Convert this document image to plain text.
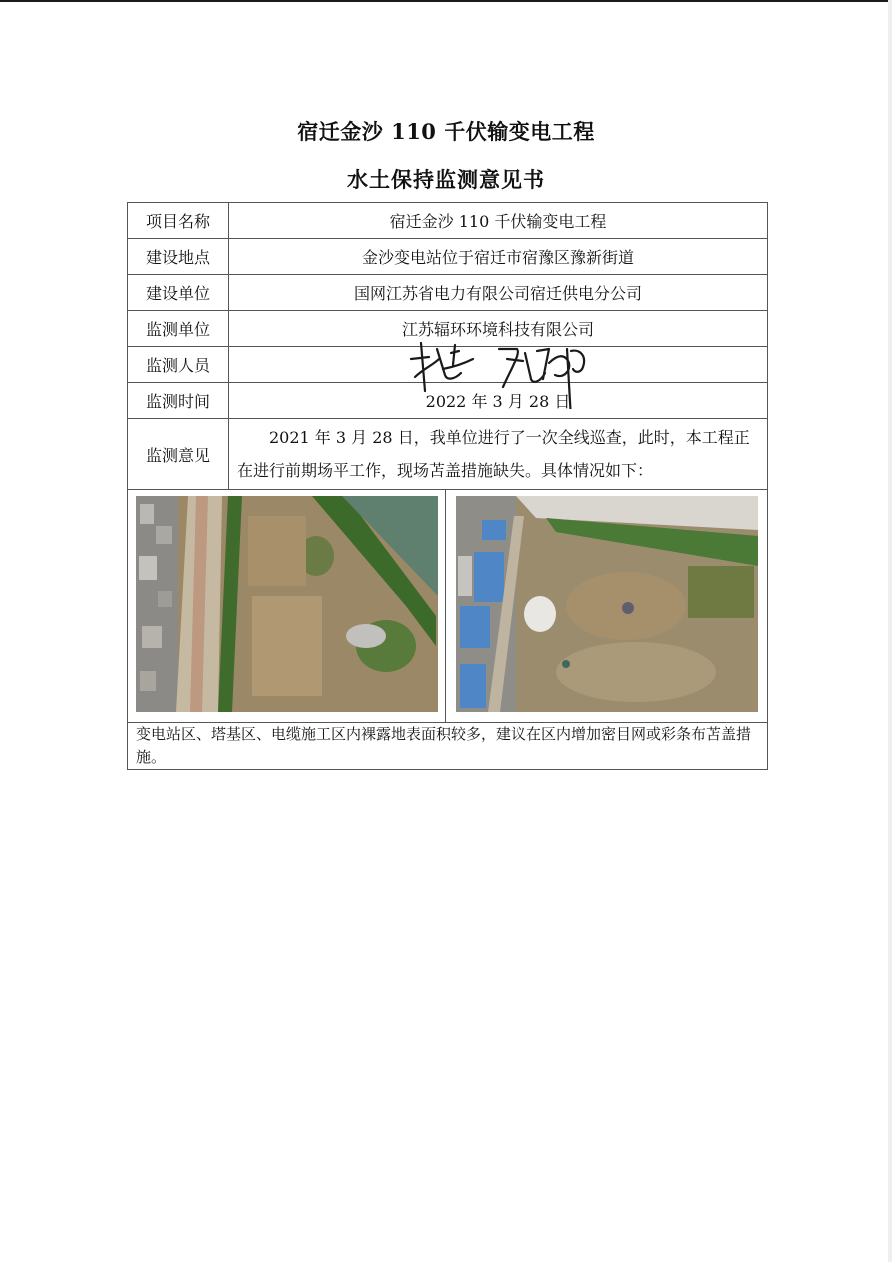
宿迁金沙 110 千伏输变电工程
水土保持监测意见书
项目名称	宿迁金沙 110 千伏输变电工程	
建设地点	金沙变电站位于宿迁市宿豫区豫新街道	
建设单位	国网江苏省电力有限公司宿迁供电分公司	
监测单位	江苏辐环环境科技有限公司	
监测人员	

监测时间	2022 年 3 月 28 日	
监测意见	2021 年 3 月 28 日，我单位进行了一次全线巡查，此时，本工程正在进行前期场平工作，现场苫盖措施缺失。具体情况如下：	

变电站区、塔基区、电缆施工区内裸露地表面积较多，建议在区内增加密目网或彩条布苫盖措施。		
